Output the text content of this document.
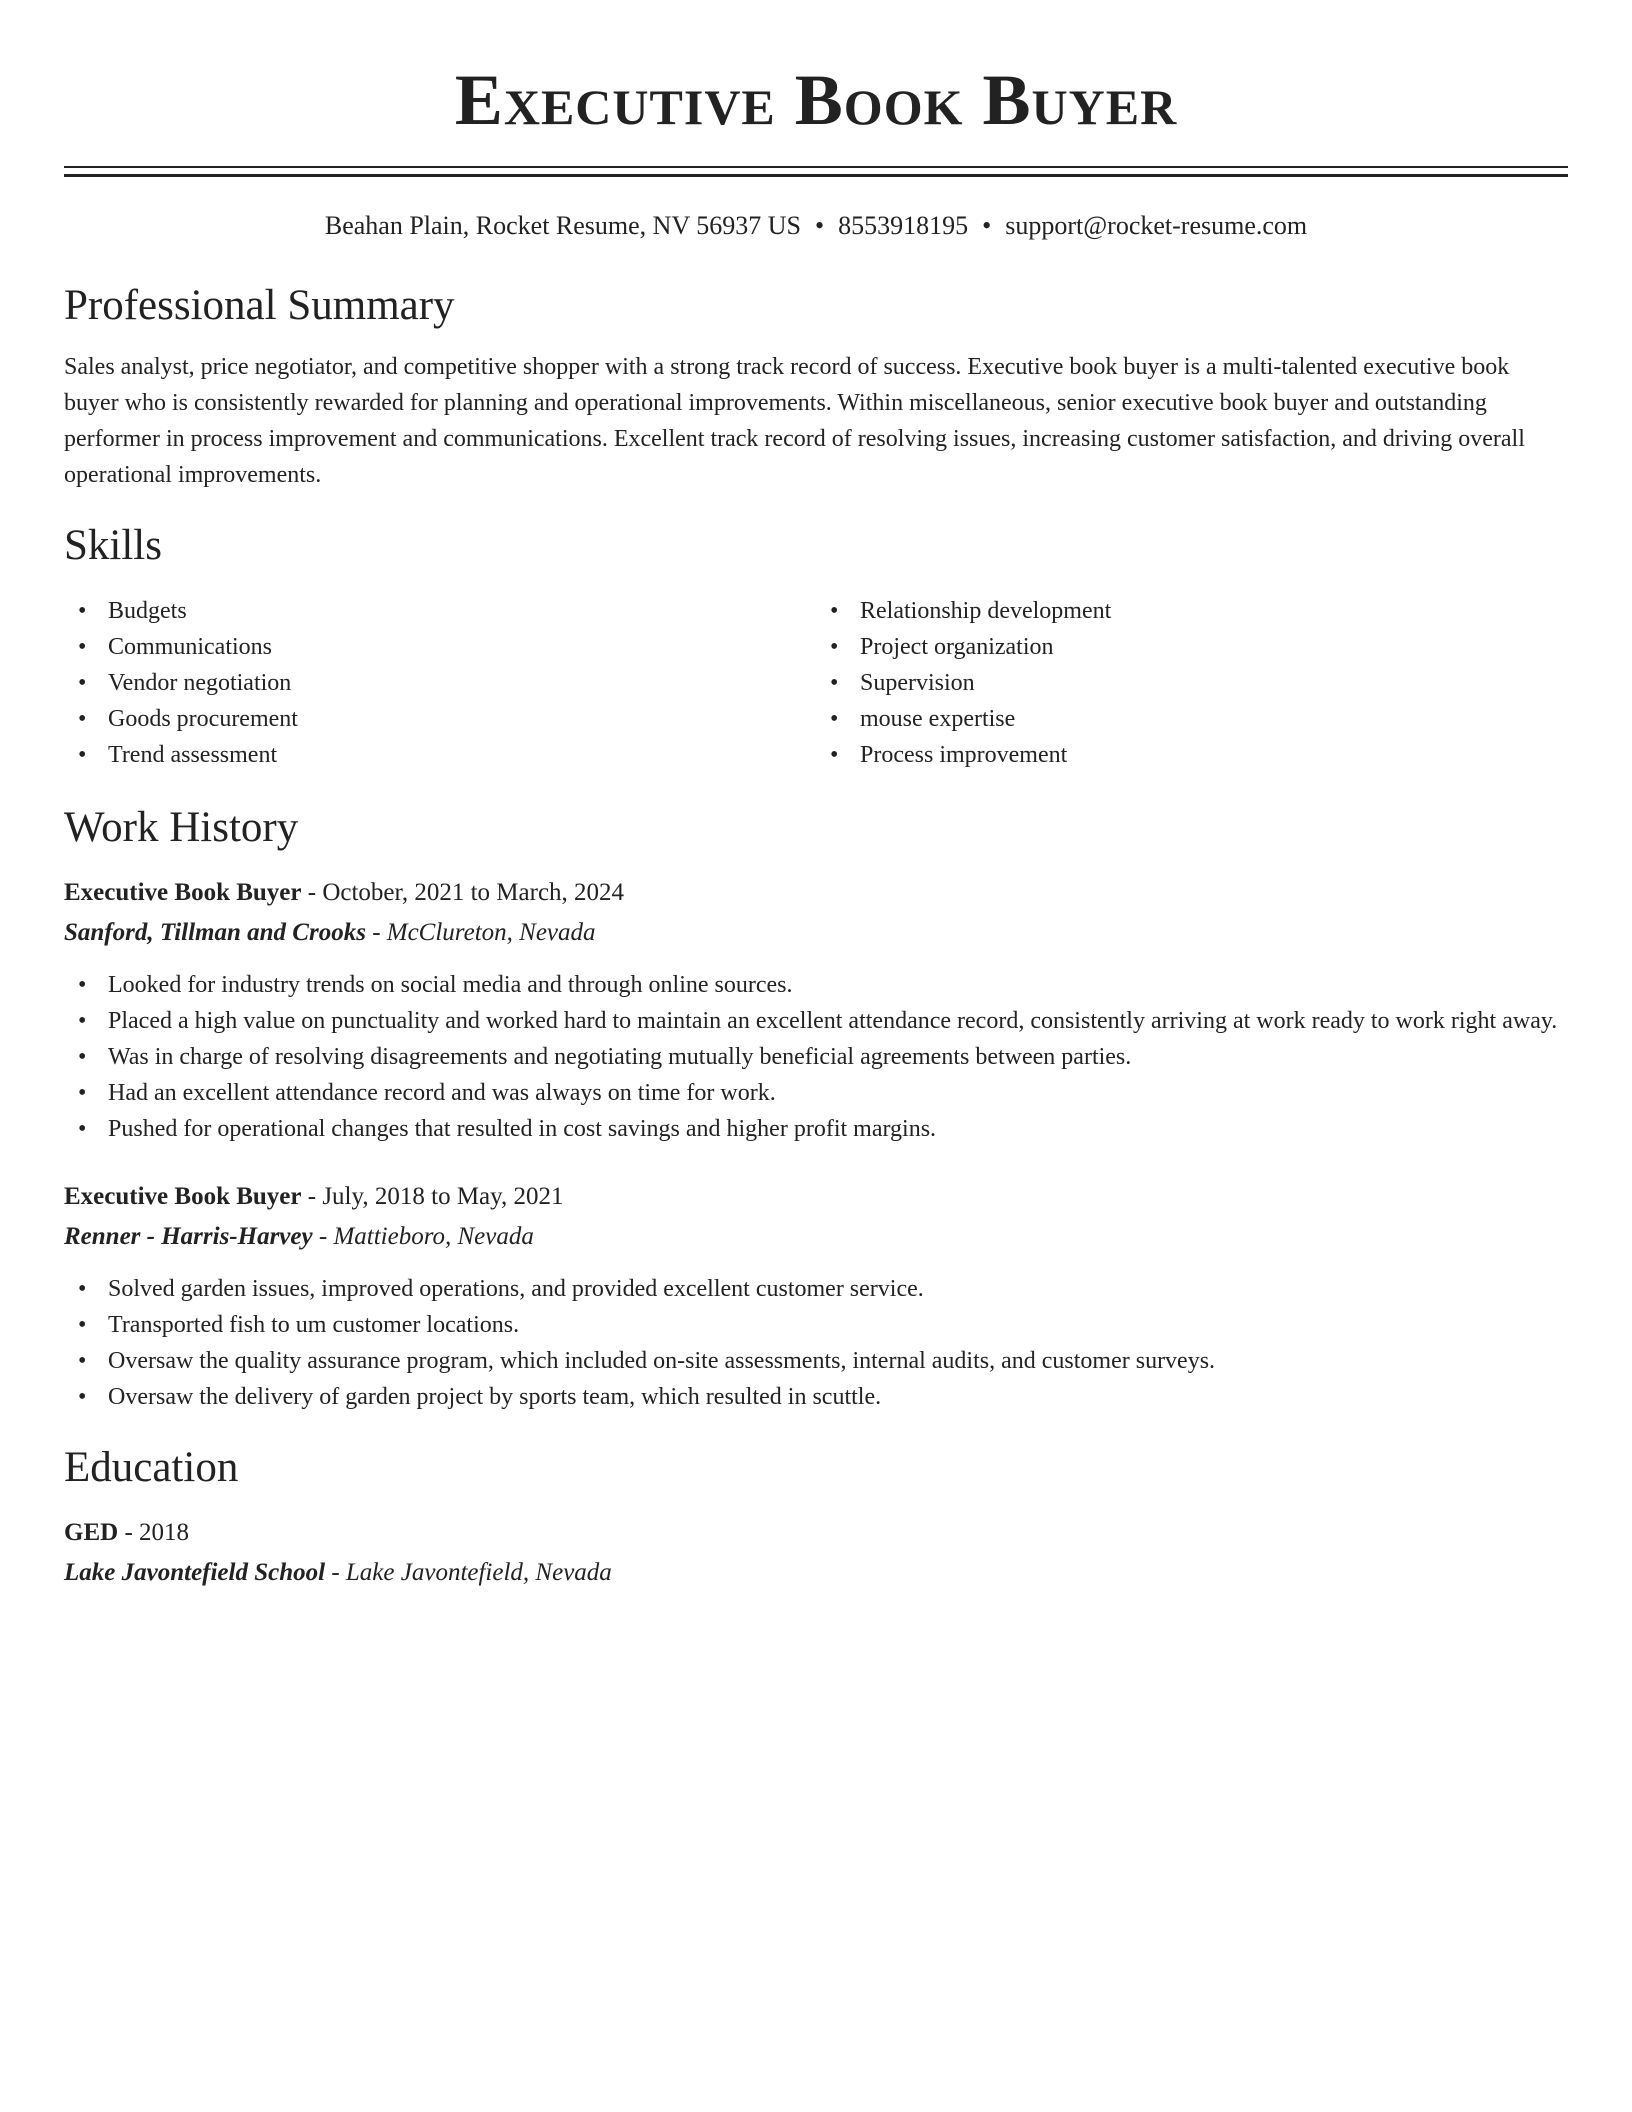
Executive Book Buyer
Beahan Plain, Rocket Resume, NV 56937 US • 8553918195 • support@rocket-resume.com
Professional Summary

Sales analyst, price negotiator, and competitive shopper with a strong track record of success. Executive book buyer is a multi-talented executive book buyer who is consistently rewarded for planning and operational improvements. Within miscellaneous, senior executive book buyer and outstanding performer in process improvement and communications. Excellent track record of resolving issues, increasing customer satisfaction, and driving overall operational improvements.

Skills
• Budgets
• Communications
• Vendor negotiation
• Goods procurement
• Trend assessment
• Relationship development
• Project organization
• Supervision
• mouse expertise
• Process improvement
Work History
Executive Book Buyer - October, 2021 to March, 2024
Sanford, Tillman and Crooks - McClureton, Nevada
• Looked for industry trends on social media and through online sources.
• Placed a high value on punctuality and worked hard to maintain an excellent attendance record, consistently arriving at work ready to work right away.
• Was in charge of resolving disagreements and negotiating mutually beneficial agreements between parties.
• Had an excellent attendance record and was always on time for work.
• Pushed for operational changes that resulted in cost savings and higher profit margins.
Executive Book Buyer - July, 2018 to May, 2021
Renner - Harris-Harvey - Mattieboro, Nevada
• Solved garden issues, improved operations, and provided excellent customer service.
• Transported fish to um customer locations.
• Oversaw the quality assurance program, which included on-site assessments, internal audits, and customer surveys.
• Oversaw the delivery of garden project by sports team, which resulted in scuttle.
Education
GED - 2018
Lake Javontefield School - Lake Javontefield, Nevada
